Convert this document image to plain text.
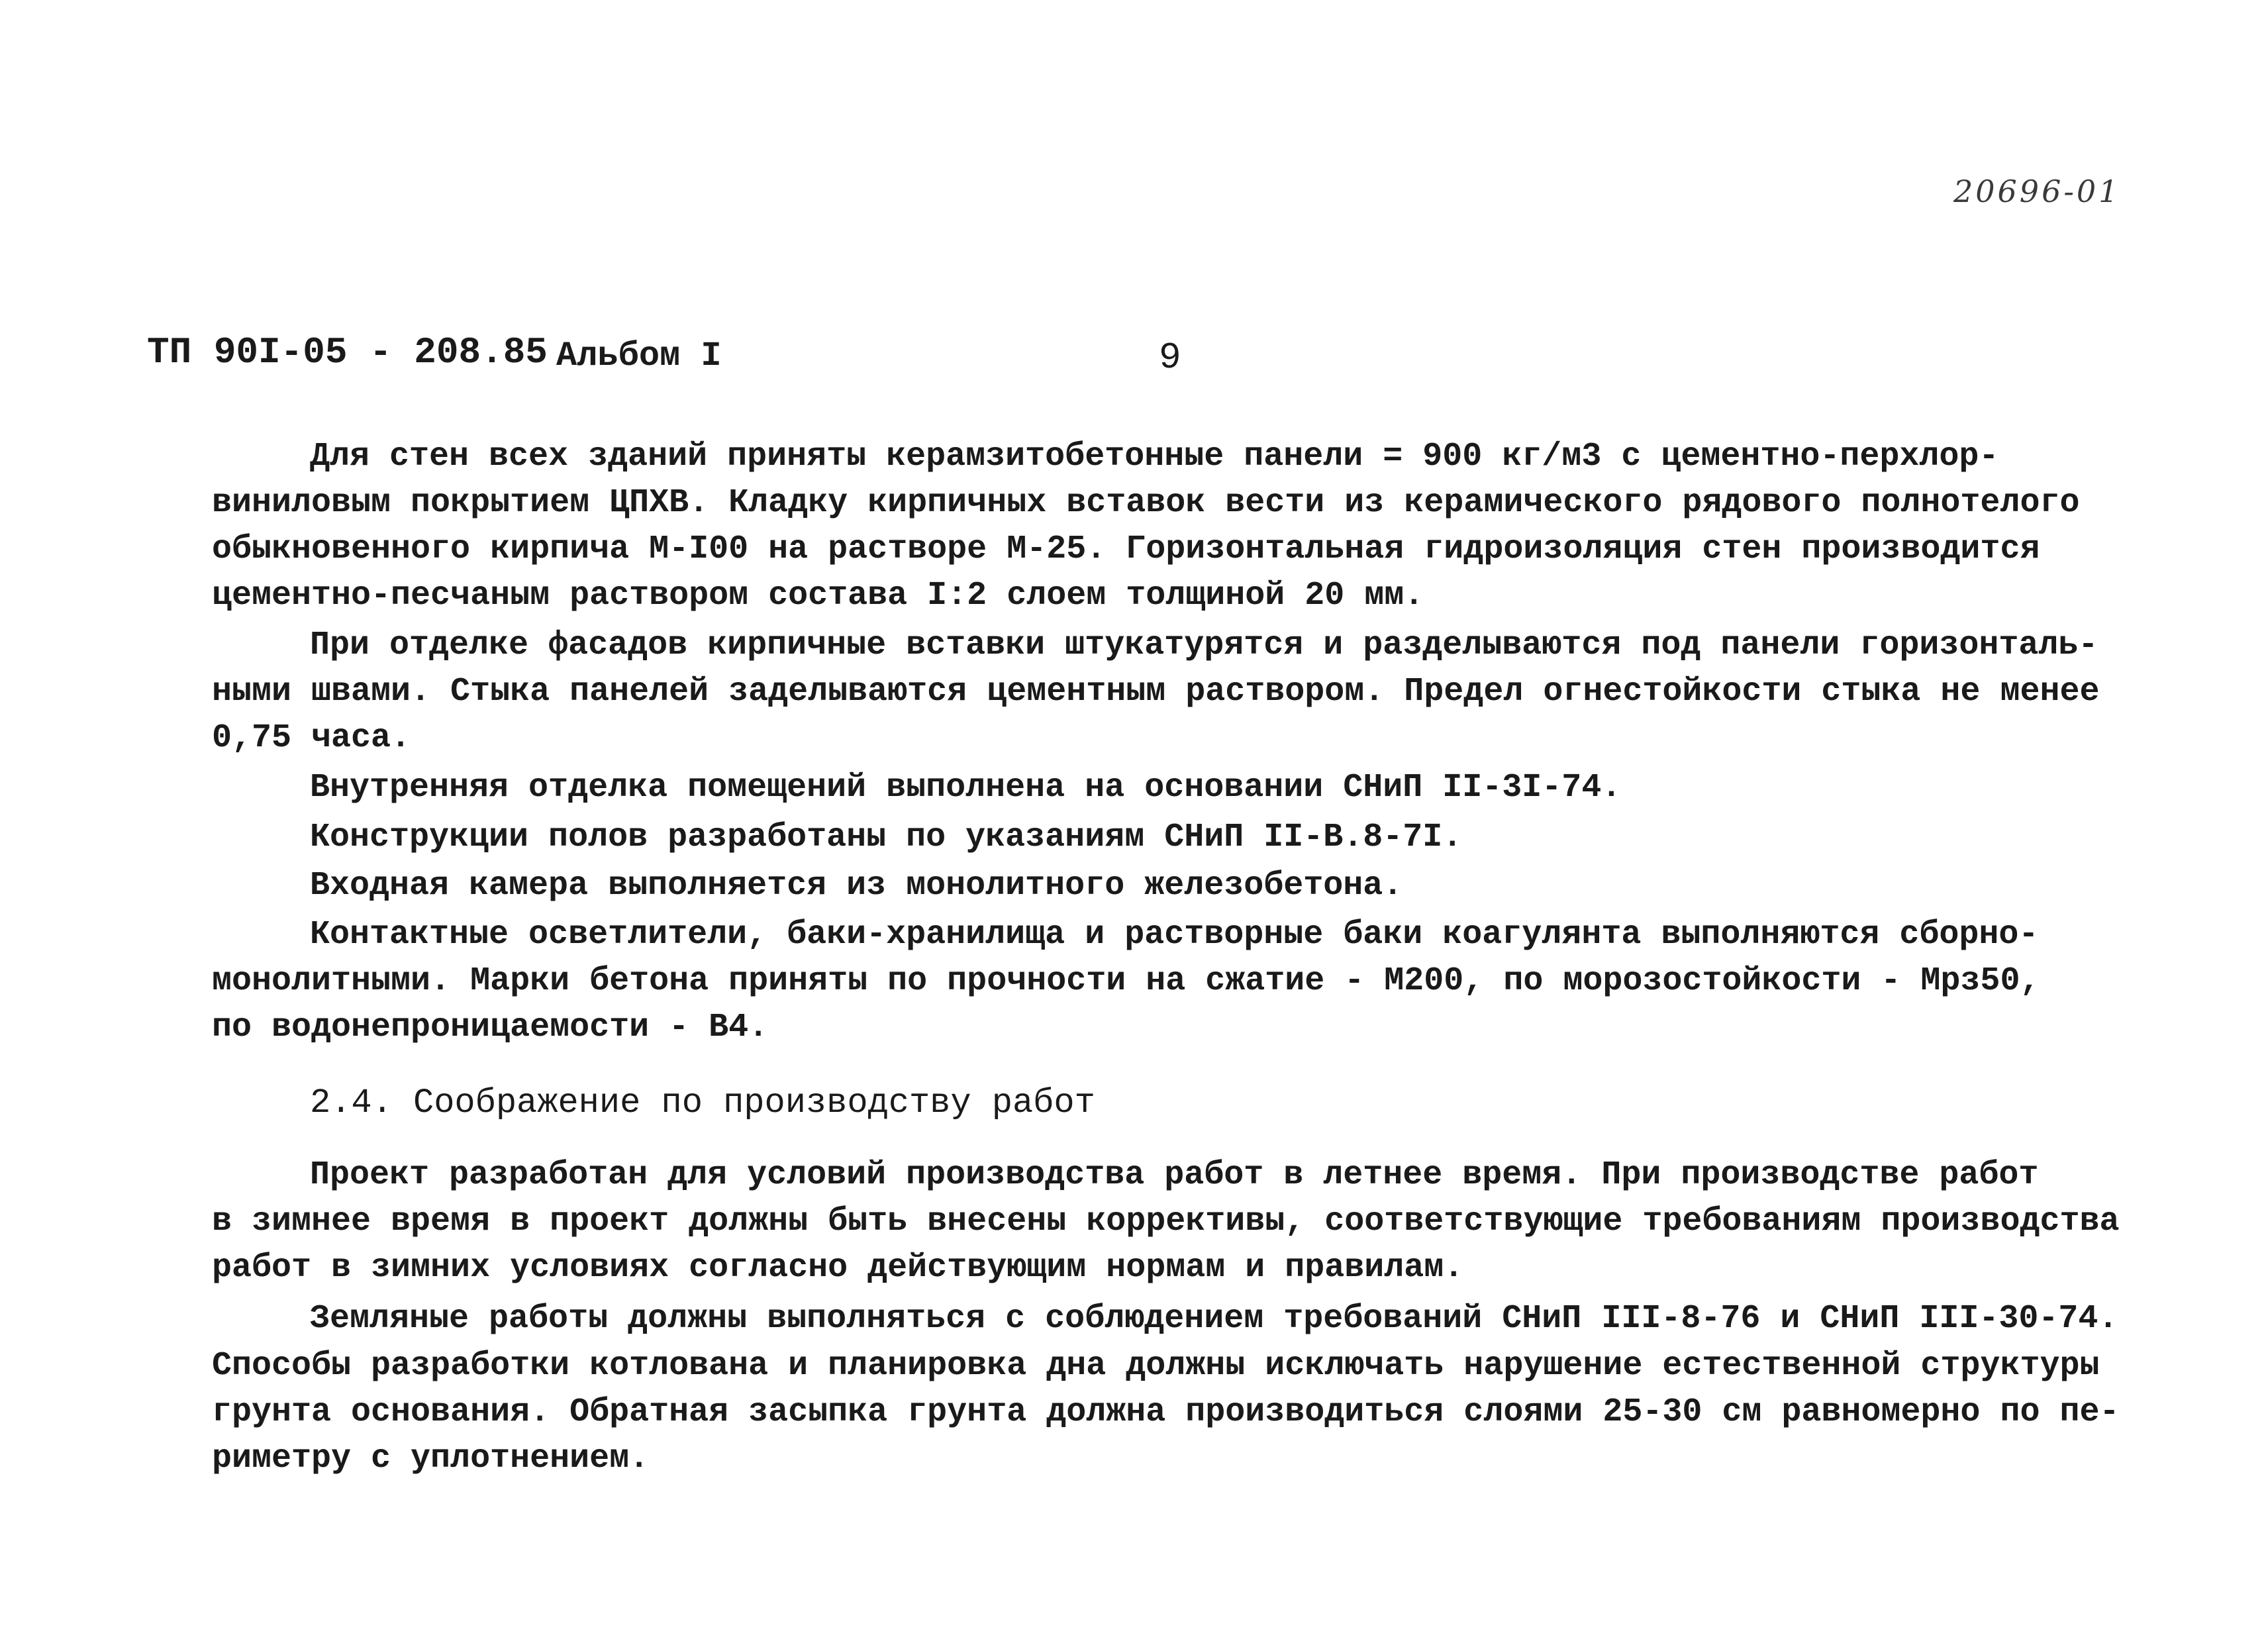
20696-01
ТП 90I-05 - 208.85 Альбом I	9
Для стен всех зданий приняты керамзитобетонные панели = 900 кг/м3 с цементно-перхлор-
виниловым покрытием ЦПХВ. Кладку кирпичных вставок вести из керамического рядового полнотелого
обыкновенного кирпича М-I00 на растворе М-25. Горизонтальная гидроизоляция стен производится
цементно-песчаным раствором состава I:2 слоем толщиной 20 мм.
При отделке фасадов кирпичные вставки штукатурятся и разделываются под панели горизонталь-
ными швами. Стыка панелей заделываются цементным раствором. Предел огнестойкости стыка не менее
0,75 часа.
Внутренняя отделка помещений выполнена на основании СНиП II-3I-74.
Конструкции полов разработаны по указаниям СНиП II-В.8-7I.
Входная камера выполняется из монолитного железобетона.
Контактные осветлители, баки-хранилища и растворные баки коагулянта выполняются сборно-
монолитными. Марки бетона приняты по прочности на сжатие - М200, по морозостойкости - Мрз50,
по водонепроницаемости - В4.
2.4. Соображение по производству работ
Проект разработан для условий производства работ в летнее время. При производстве работ
в зимнее время в проект должны быть внесены коррективы, соответствующие требованиям производства
работ в зимних условиях согласно действующим нормам и правилам.
Земляные работы должны выполняться с соблюдением требований СНиП III-8-76 и СНиП III-30-74.
Способы разработки котлована и планировка дна должны исключать нарушение естественной структуры
грунта основания. Обратная засыпка грунта должна производиться слоями 25-30 см равномерно по пе-
риметру с уплотнением.
